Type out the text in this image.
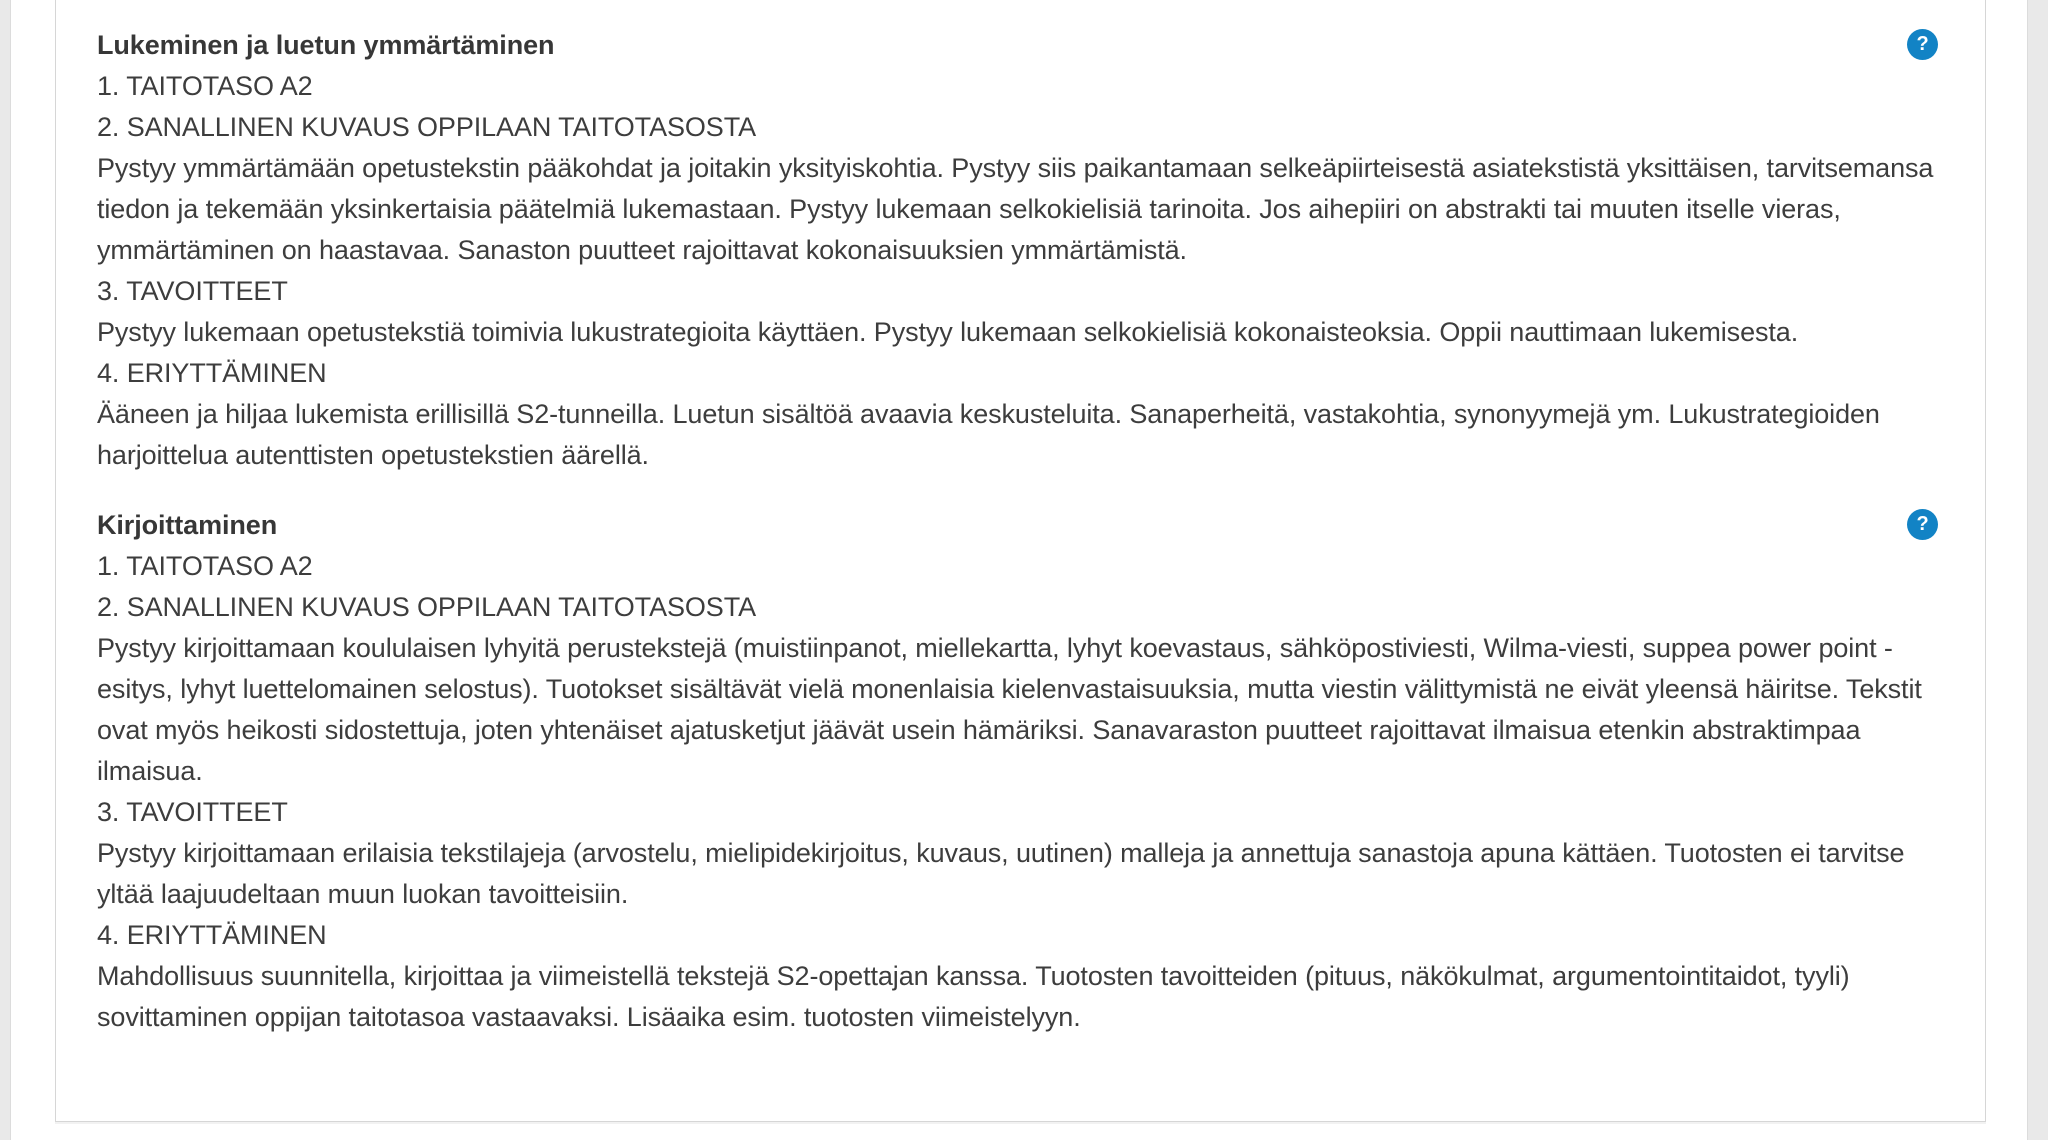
Lukeminen ja luetun ymmärtäminen	?

1. TAITOTASO A2

2. SANALLINEN KUVAUS OPPILAAN TAITOTASOSTA

Pystyy ymmärtämään opetustekstin pääkohdat ja joitakin yksityiskohtia. Pystyy siis paikantamaan selkeäpiirteisestä asiatekstistä yksittäisen, tarvitsemansa tiedon ja tekemään yksinkertaisia päätelmiä lukemastaan. Pystyy lukemaan selkokielisiä tarinoita. Jos aihepiiri on abstrakti tai muuten itselle vieras, ymmärtäminen on haastavaa. Sanaston puutteet rajoittavat kokonaisuuksien ymmärtämistä.

3. TAVOITTEET

Pystyy lukemaan opetustekstiä toimivia lukustrategioita käyttäen. Pystyy lukemaan selkokielisiä kokonaisteoksia. Oppii nauttimaan lukemisesta.

4. ERIYTTÄMINEN

Ääneen ja hiljaa lukemista erillisillä S2-tunneilla. Luetun sisältöä avaavia keskusteluita. Sanaperheitä, vastakohtia, synonyymejä ym. Lukustrategioiden harjoittelua autenttisten opetustekstien äärellä.

Kirjoittaminen	?

1. TAITOTASO A2

2. SANALLINEN KUVAUS OPPILAAN TAITOTASOSTA

Pystyy kirjoittamaan koululaisen lyhyitä perustekstejä (muistiinpanot, miellekartta, lyhyt koevastaus, sähköpostiviesti, Wilma-viesti, suppea power point -esitys, lyhyt luettelomainen selostus). Tuotokset sisältävät vielä monenlaisia kielenvastaisuuksia, mutta viestin välittymistä ne eivät yleensä häiritse. Tekstit ovat myös heikosti sidostettuja, joten yhtenäiset ajatusketjut jäävät usein hämäriksi. Sanavaraston puutteet rajoittavat ilmaisua etenkin abstraktimpaa ilmaisua.

3. TAVOITTEET

Pystyy kirjoittamaan erilaisia tekstilajeja (arvostelu, mielipidekirjoitus, kuvaus, uutinen) malleja ja annettuja sanastoja apuna kättäen. Tuotosten ei tarvitse yltää laajuudeltaan muun luokan tavoitteisiin.

4. ERIYTTÄMINEN

Mahdollisuus suunnitella, kirjoittaa ja viimeistellä tekstejä S2-opettajan kanssa. Tuotosten tavoitteiden (pituus, näkökulmat, argumentointitaidot, tyyli) sovittaminen oppijan taitotasoa vastaavaksi. Lisäaika esim. tuotosten viimeistelyyn.
